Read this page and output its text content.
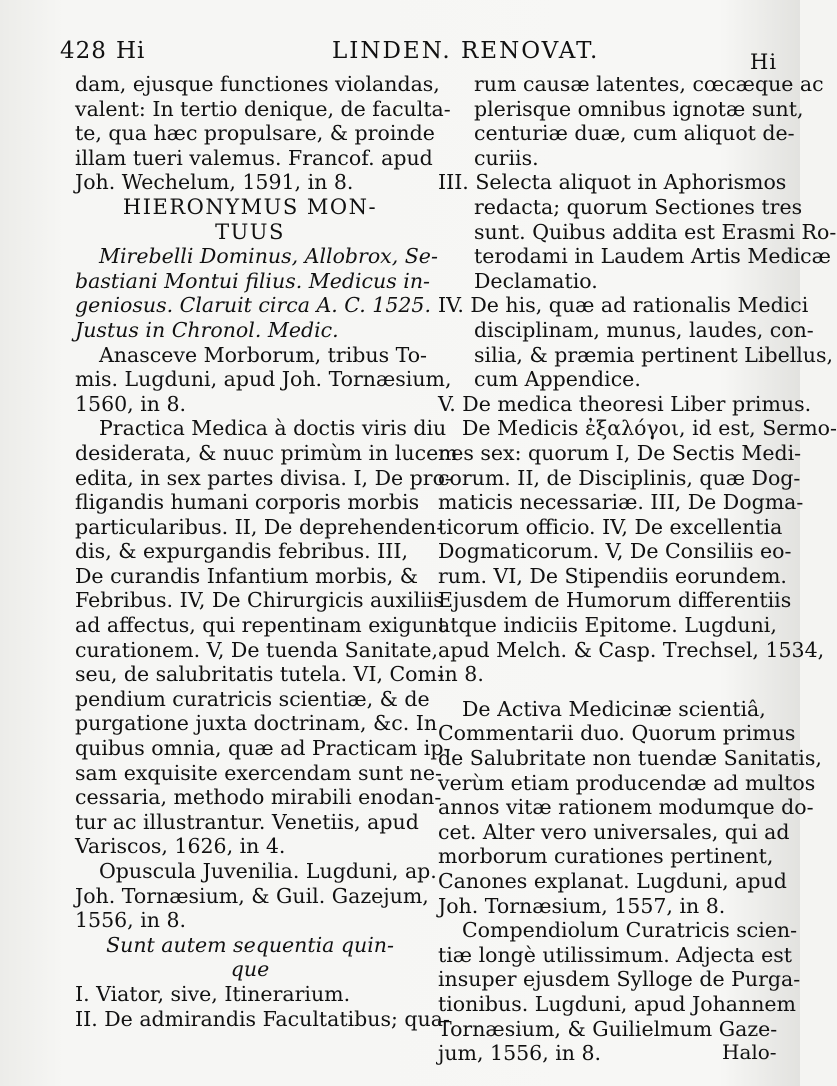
428 Hi	LINDEN. RENOVAT.	Hi
dam, ejusque functiones violandas,
valent: In tertio denique, de faculta-
te, qua hæc propulsare, & proinde
illam tueri valemus. Francof. apud
Joh. Wechelum, 1591, in 8.
HIERONYMUS MON-
TUUS
Mirebelli Dominus, Allobrox, Se-
bastiani Montui filius. Medicus in-
geniosus. Claruit circa A. C. 1525.
Justus in Chronol. Medic.
Anasceve Morborum, tribus To-
mis. Lugduni, apud Joh. Tornæsium,
1560, in 8.
Practica Medica à doctis viris diu
desiderata, & nuuc primùm in lucem
edita, in sex partes divisa. I, De pro-
fligandis humani corporis morbis
particularibus. II, De deprehenden-
dis, & expurgandis febribus. III,
De curandis Infantium morbis, &
Febribus. IV, De Chirurgicis auxiliis
ad affectus, qui repentinam exigunt
curationem. V, De tuenda Sanitate,
seu, de salubritatis tutela. VI, Com-
pendium curatricis scientiæ, & de
purgatione juxta doctrinam, &c. In
quibus omnia, quæ ad Practicam ip-
sam exquisite exercendam sunt ne-
cessaria, methodo mirabili enodan-
tur ac illustrantur. Venetiis, apud
Variscos, 1626, in 4.
Opuscula Juvenilia. Lugduni, ap.
Joh. Tornæsium, & Guil. Gazejum,
1556, in 8.
Sunt autem sequentia quin-
que
I. Viator, sive, Itinerarium.
II. De admirandis Facultatibus; qua-
rum causæ latentes, cœcæque ac
plerisque omnibus ignotæ sunt,
centuriæ duæ, cum aliquot de-
curiis.
III. Selecta aliquot in Aphorismos
redacta; quorum Sectiones tres
sunt. Quibus addita est Erasmi Ro-
terodami in Laudem Artis Medicæ
Declamatio.
IV. De his, quæ ad rationalis Medici
disciplinam, munus, laudes, con-
silia, & præmia pertinent Libellus,
cum Appendice.
V. De medica theoresi Liber primus.
De Medicis ἐξαλόγοι, id est, Sermo-
nes sex: quorum I, De Sectis Medi-
corum. II, de Disciplinis, quæ Dog-
maticis necessariæ. III, De Dogma-
ticorum officio. IV, De excellentia
Dogmaticorum. V, De Consiliis eo-
rum. VI, De Stipendiis eorundem.
Ejusdem de Humorum differentiis
atque indiciis Epitome. Lugduni,
apud Melch. & Casp. Trechsel, 1534,
in 8.
De Activa Medicinæ scientiâ,
Commentarii duo. Quorum primus
de Salubritate non tuendæ Sanitatis,
verùm etiam producendæ ad multos
annos vitæ rationem modumque do-
cet. Alter vero universales, qui ad
morborum curationes pertinent,
Canones explanat. Lugduni, apud
Joh. Tornæsium, 1557, in 8.
Compendiolum Curatricis scien-
tiæ longè utilissimum. Adjecta est
insuper ejusdem Sylloge de Purga-
tionibus. Lugduni, apud Johannem
Tornæsium, & Guilielmum Gaze-
jum, 1556, in 8.	Halo-
